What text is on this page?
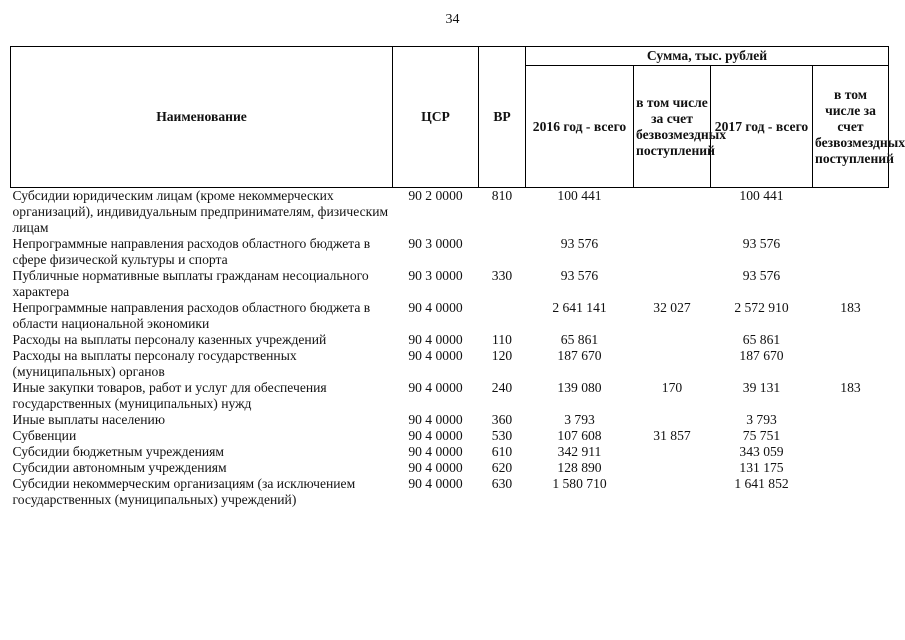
34
Наименование	ЦСР	ВР	Сумма, тыс. рублей			
			2016 год - всего	в том числе за счет безвозмездных поступлений	2017 год - всего	в том числе за счет безвозмездных поступлений
Субсидии юридическим лицам (кроме некоммерческих организаций), индивидуальным предпринимателям, физическим лицам	90 2 0000	810	100 441		100 441	
Непрограммные направления расходов областного бюджета в сфере физической культуры и спорта	90 3 0000		93 576		93 576	
Публичные нормативные выплаты гражданам несоциального характера	90 3 0000	330	93 576		93 576	
Непрограммные направления расходов областного бюджета в области национальной экономики	90 4 0000		2 641 141	32 027	2 572 910	183
Расходы на выплаты персоналу казенных учреждений	90 4 0000	110	65 861		65 861	
Расходы на выплаты персоналу государственных (муниципальных) органов	90 4 0000	120	187 670		187 670	
Иные закупки товаров, работ и услуг для обеспечения государственных (муниципальных) нужд	90 4 0000	240	139 080	170	39 131	183
Иные выплаты населению	90 4 0000	360	3 793		3 793	
Субвенции	90 4 0000	530	107 608	31 857	75 751	
Субсидии бюджетным учреждениям	90 4 0000	610	342 911		343 059	
Субсидии автономным учреждениям	90 4 0000	620	128 890		131 175	
Субсидии некоммерческим организациям (за исключением государственных (муниципальных) учреждений)	90 4 0000	630	1 580 710		1 641 852	
